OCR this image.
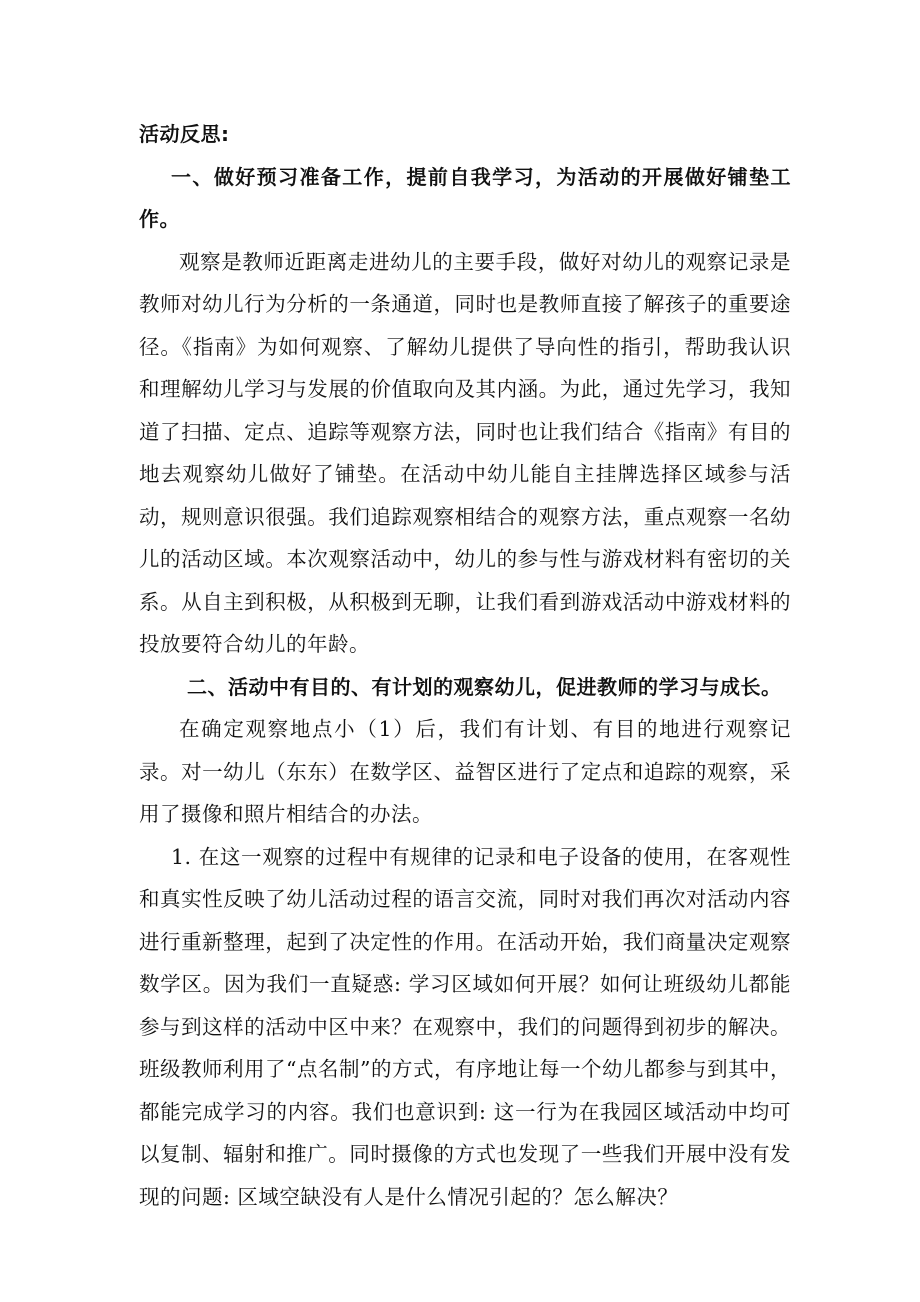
活动反思:

一、做好预习准备工作，提前自我学习，为活动的开展做好铺垫工作。

观察是教师近距离走进幼儿的主要手段，做好对幼儿的观察记录是教师对幼儿行为分析的一条通道，同时也是教师直接了解孩子的重要途径。《指南》为如何观察、了解幼儿提供了导向性的指引，帮助我认识和理解幼儿学习与发展的价值取向及其内涵。为此，通过先学习，我知道了扫描、定点、追踪等观察方法，同时也让我们结合《指南》有目的地去观察幼儿做好了铺垫。在活动中幼儿能自主挂牌选择区域参与活动，规则意识很强。我们追踪观察相结合的观察方法，重点观察一名幼儿的活动区域。本次观察活动中，幼儿的参与性与游戏材料有密切的关系。从自主到积极，从积极到无聊，让我们看到游戏活动中游戏材料的投放要符合幼儿的年龄。

二、活动中有目的、有计划的观察幼儿，促进教师的学习与成长。

在确定观察地点小（1）后，我们有计划、有目的地进行观察记录。对一幼儿（东东）在数学区、益智区进行了定点和追踪的观察，采用了摄像和照片相结合的办法。

1. 在这一观察的过程中有规律的记录和电子设备的使用，在客观性和真实性反映了幼儿活动过程的语言交流，同时对我们再次对活动内容进行重新整理，起到了决定性的作用。在活动开始，我们商量决定观察数学区。因为我们一直疑惑: 学习区域如何开展？如何让班级幼儿都能参与到这样的活动中区中来？在观察中，我们的问题得到初步的解决。班级教师利用了“点名制”的方式，有序地让每一个幼儿都参与到其中，都能完成学习的内容。我们也意识到: 这一行为在我园区域活动中均可以复制、辐射和推广。同时摄像的方式也发现了一些我们开展中没有发现的问题: 区域空缺没有人是什么情况引起的？怎么解决？
